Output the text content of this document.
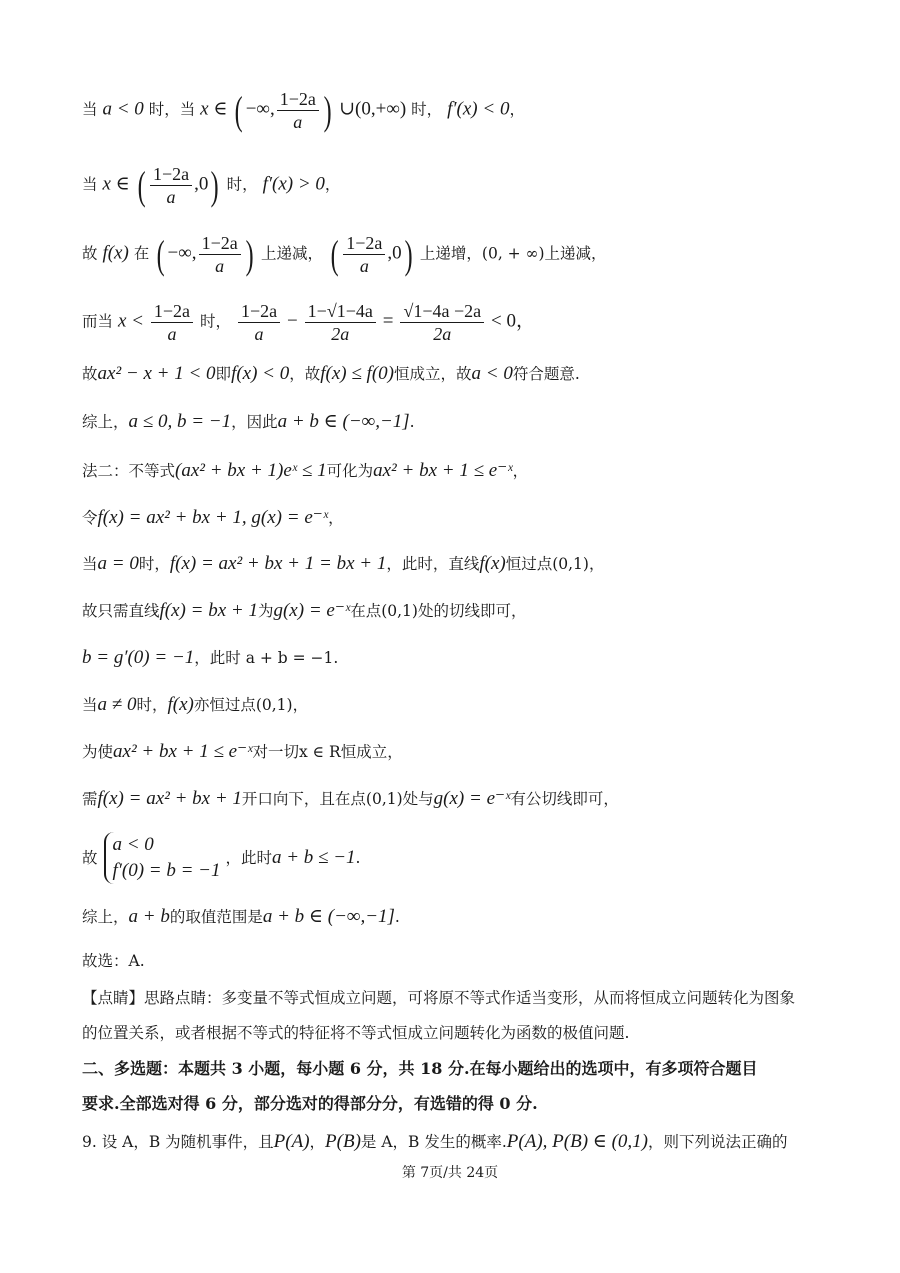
当 a < 0 时，当 x ∈ ( −∞, $\frac{1-2a}{a}$ ) ∪(0,+∞) 时， f′(x) < 0，
当 x ∈ ( $\frac{1-2a}{a} ,0$) 时， f′(x) > 0，
故 f(x) 在 ( −∞, $\frac{1-2a}{a}$ ) 上递减， ( $\frac{1-2a}{a} ,0$) 上递增，(0, + ∞)上递减，
而当 $x < \frac{1-2a}{a}$ 时， $\frac{1-2a}{a} - \frac{1-√1-4a}{2a} = \frac{√1-4a -2a}{2a} < 0$，
故ax² − x + 1 < 0即f(x) < 0，故f(x) ≤ f(0)恒成立，故a < 0符合题意.
综上，a ≤ 0, b = −1，因此a + b ∈ (−∞,−1].
法二：不等式(ax² + bx + 1)eˣ ≤ 1可化为ax² + bx + 1 ≤ e⁻ˣ，
令f(x) = ax² + bx + 1, g(x) = e⁻ˣ，
当a = 0时，f(x) = ax² + bx + 1 = bx + 1，此时，直线f(x)恒过点(0,1)，
故只需直线f(x) = bx + 1为g(x) = e⁻ˣ在点(0,1)处的切线即可，
b = g′(0) = −1，此时 a + b = −1.
当a ≠ 0时，f(x)亦恒过点(0,1)，
为使ax² + bx + 1 ≤ e⁻ˣ对一切x ∈ R恒成立，
需f(x) = ax² + bx + 1开口向下，且在点(0,1)处与g(x) = e⁻ˣ有公切线即可，
故
a < 0
f′(0) = b = −1
，此时a + b ≤ −1.
综上，a + b的取值范围是a + b ∈ (−∞,−1].
故选：A.
【点睛】思路点睛：多变量不等式恒成立问题，可将原不等式作适当变形，从而将恒成立问题转化为图象
的位置关系，或者根据不等式的特征将不等式恒成立问题转化为函数的极值问题.
二、多选题：本题共 3 小题，每小题 6 分，共 18 分.在每小题给出的选项中，有多项符合题目
要求.全部选对得 6 分，部分选对的得部分分，有选错的得 0 分.
9. 设 A，B 为随机事件，且P(A)，P(B)是 A，B 发生的概率.P(A), P(B) ∈ (0,1)，则下列说法正确的
第 7页/共 24页
